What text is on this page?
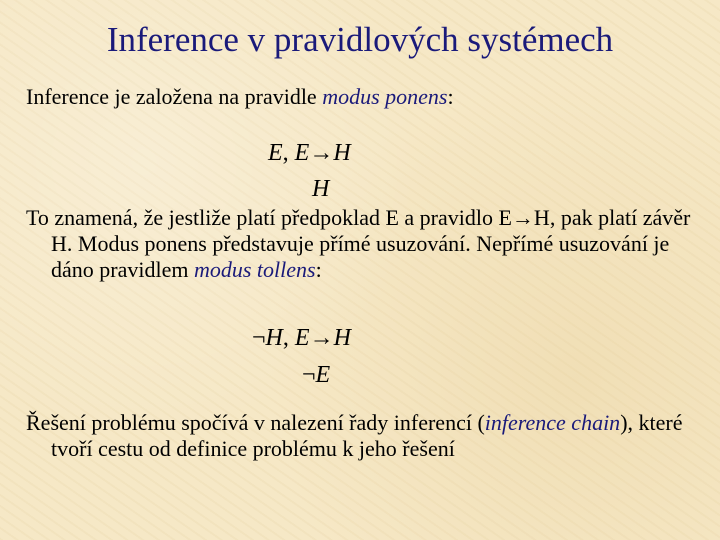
Inference v pravidlových systémech
Inference je založena na pravidle modus ponens:
E, E→H
H
To znamená, že jestliže platí předpoklad E a pravidlo E→H, pak platí závěr H. Modus ponens představuje přímé usuzování. Nepřímé usuzování je dáno pravidlem modus tollens:
¬H, E→H
¬E
Řešení problému spočívá v nalezení řady inferencí (inference chain), které tvoří cestu od definice problému k jeho řešení
